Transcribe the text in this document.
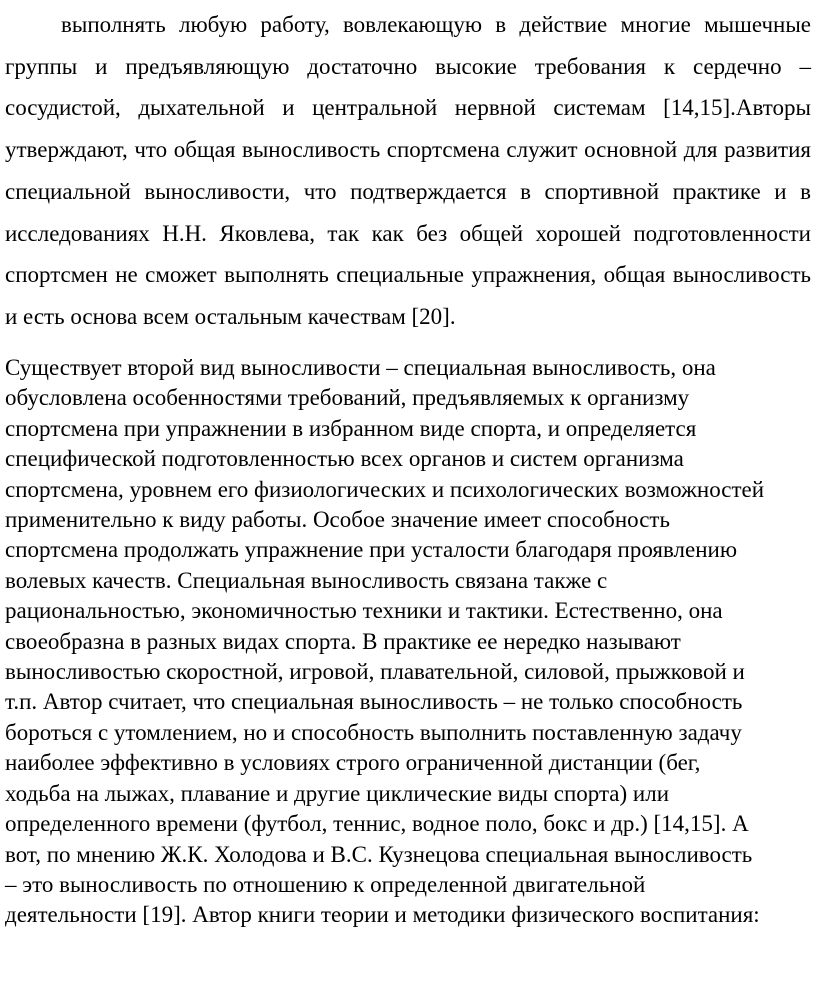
выполнять любую работу, вовлекающую в действие многие мышечные группы и предъявляющую достаточно высокие требования к сердечно – сосудистой, дыхательной и центральной нервной системам [14,15].Авторы утверждают, что общая выносливость спортсмена служит основной для развития специальной выносливости, что подтверждается в спортивной практике и в исследованиях Н.Н. Яковлева, так как без общей хорошей подготовленности спортсмен не сможет выполнять специальные упражнения, общая выносливость и есть основа всем остальным качествам [20].

Существует второй вид выносливости – специальная выносливость, она
обусловлена особенностями требований, предъявляемых к организму
спортсмена при упражнении в избранном виде спорта, и определяется
специфической подготовленностью всех органов и систем организма
спортсмена, уровнем его физиологических и психологических возможностей
применительно к виду работы. Особое значение имеет способность
спортсмена продолжать упражнение при усталости благодаря проявлению
волевых качеств. Специальная выносливость связана также с
рациональностью, экономичностью техники и тактики. Естественно, она
своеобразна в разных видах спорта. В практике ее нередко называют
выносливостью скоростной, игровой, плавательной, силовой, прыжковой и
т.п. Автор считает, что специальная выносливость – не только способность
бороться с утомлением, но и способность выполнить поставленную задачу
наиболее эффективно в условиях строго ограниченной дистанции (бег,
ходьба на лыжах, плавание и другие циклические виды спорта) или
определенного времени (футбол, теннис, водное поло, бокс и др.) [14,15]. А
вот, по мнению Ж.К. Холодова и В.С. Кузнецова специальная выносливость
– это выносливость по отношению к определенной двигательной
деятельности [19]. Автор книги теории и методики физического воспитания:
